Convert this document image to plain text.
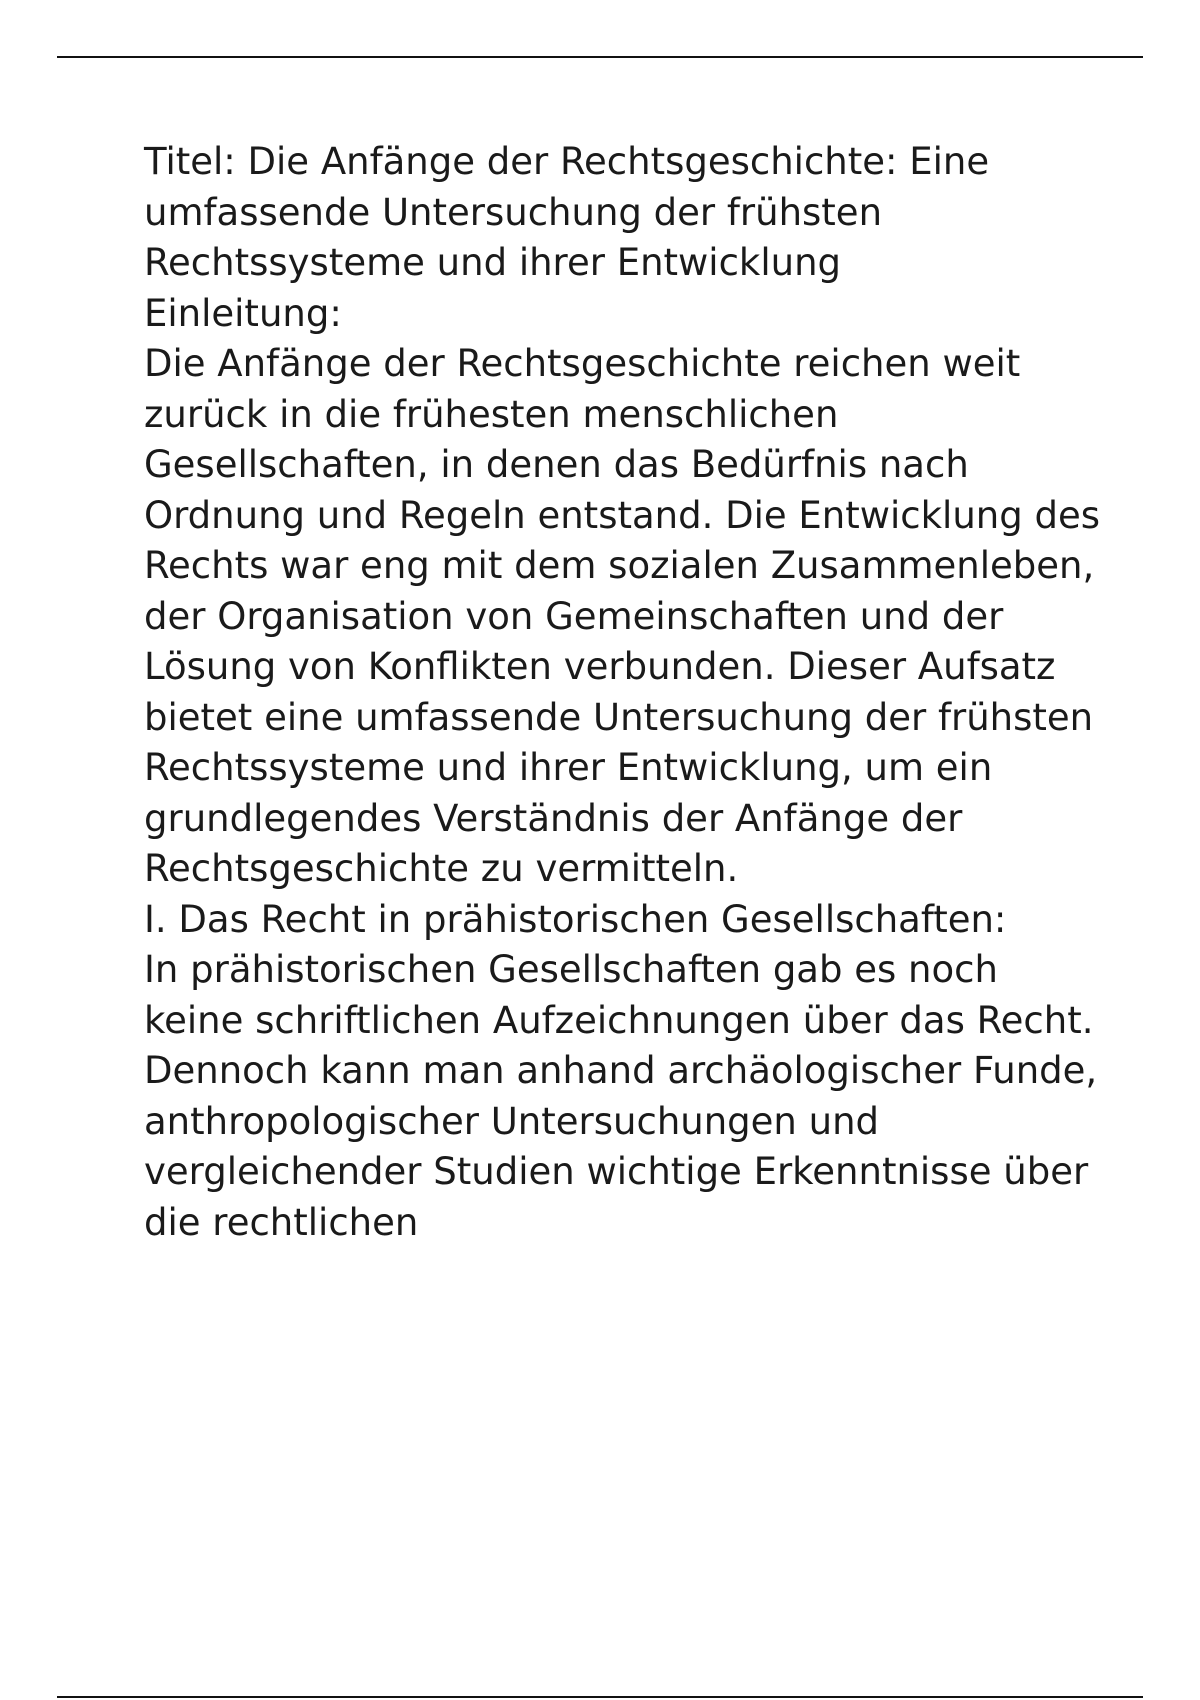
Titel: Die Anfänge der Rechtsgeschichte: Eine umfassende Untersuchung der frühsten Rechtssysteme und ihrer Entwicklung
Einleitung:

Die Anfänge der Rechtsgeschichte reichen weit zurück in die frühesten menschlichen Gesellschaften, in denen das Bedürfnis nach Ordnung und Regeln entstand. Die Entwicklung des Rechts war eng mit dem sozialen Zusammenleben, der Organisation von Gemeinschaften und der Lösung von Konflikten verbunden. Dieser Aufsatz bietet eine umfassende Untersuchung der frühsten Rechtssysteme und ihrer Entwicklung, um ein grundlegendes Verständnis der Anfänge der Rechtsgeschichte zu vermitteln.

I. Das Recht in prähistorischen Gesellschaften:

In prähistorischen Gesellschaften gab es noch keine schriftlichen Aufzeichnungen über das Recht. Dennoch kann man anhand archäologischer Funde, anthropologischer Untersuchungen und vergleichender Studien wichtige Erkenntnisse über die rechtlichen
